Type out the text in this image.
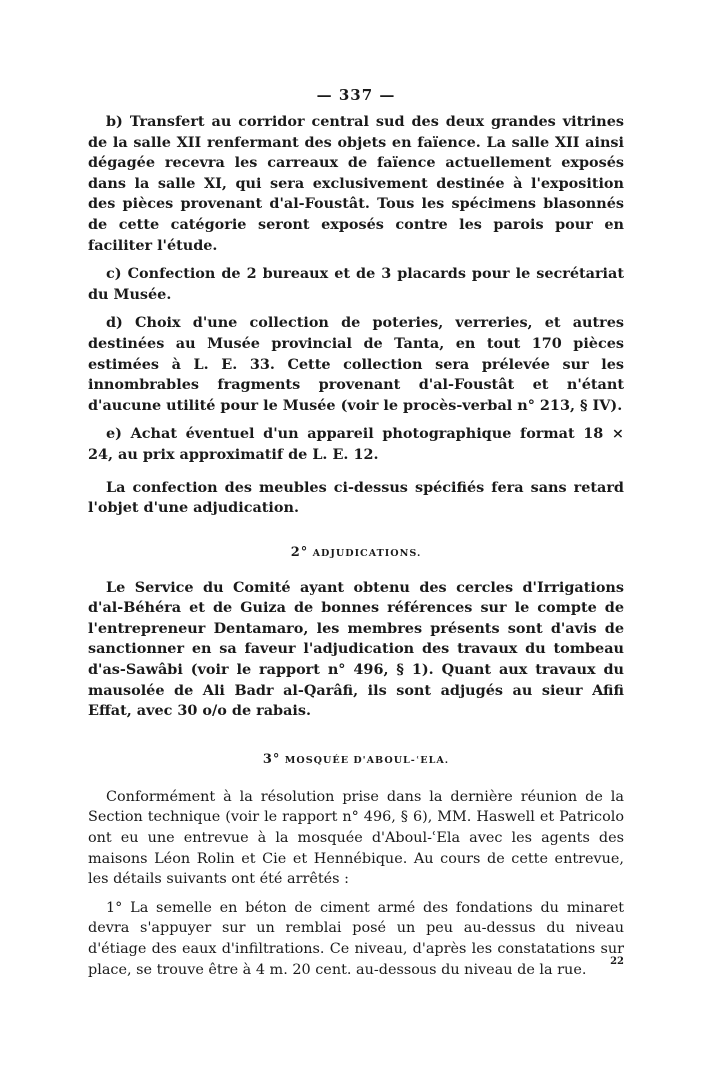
— 337 —

b) Transfert au corridor central sud des deux grandes vitrines de la salle XII renfermant des objets en faïence. La salle XII ainsi dégagée recevra les carreaux de faïence actuellement exposés dans la salle XI, qui sera exclusivement destinée à l'exposition des pièces provenant d'al-Foustât. Tous les spécimens blasonnés de cette catégorie seront exposés contre les parois pour en faciliter l'étude.

c) Confection de 2 bureaux et de 3 placards pour le secrétariat du Musée.

d) Choix d'une collection de poteries, verreries, et autres destinées au Musée provincial de Tanta, en tout 170 pièces estimées à L. E. 33. Cette collection sera prélevée sur les innombrables fragments provenant d'al-Foustât et n'étant d'aucune utilité pour le Musée (voir le procès-verbal n° 213, § IV).

e) Achat éventuel d'un appareil photographique format 18 × 24, au prix approximatif de L. E. 12.

La confection des meubles ci-dessus spécifiés fera sans retard l'objet d'une adjudication.

2° ADJUDICATIONS.

Le Service du Comité ayant obtenu des cercles d'Irrigations d'al-Béhéra et de Guiza de bonnes références sur le compte de l'entrepreneur Dentamaro, les membres présents sont d'avis de sanctionner en sa faveur l'adjudication des travaux du tombeau d'as-Sawâbi (voir le rapport n° 496, § 1). Quant aux travaux du mausolée de Ali Badr al-Qarâfi, ils sont adjugés au sieur Afifi Effat, avec 30 o/o de rabais.

3° MOSQUÉE D'ABOUL-ʿELA.

Conformément à la résolution prise dans la dernière réunion de la Section technique (voir le rapport n° 496, § 6), MM. Haswell et Patricolo ont eu une entrevue à la mosquée d'Aboul-ʿEla avec les agents des maisons Léon Rolin et Cie et Hennébique. Au cours de cette entrevue, les détails suivants ont été arrêtés :

1° La semelle en béton de ciment armé des fondations du minaret devra s'appuyer sur un remblai posé un peu au-dessus du niveau d'étiage des eaux d'infiltrations. Ce niveau, d'après les constatations sur place, se trouve être à 4 m. 20 cent. au-dessous du niveau de la rue.

22
